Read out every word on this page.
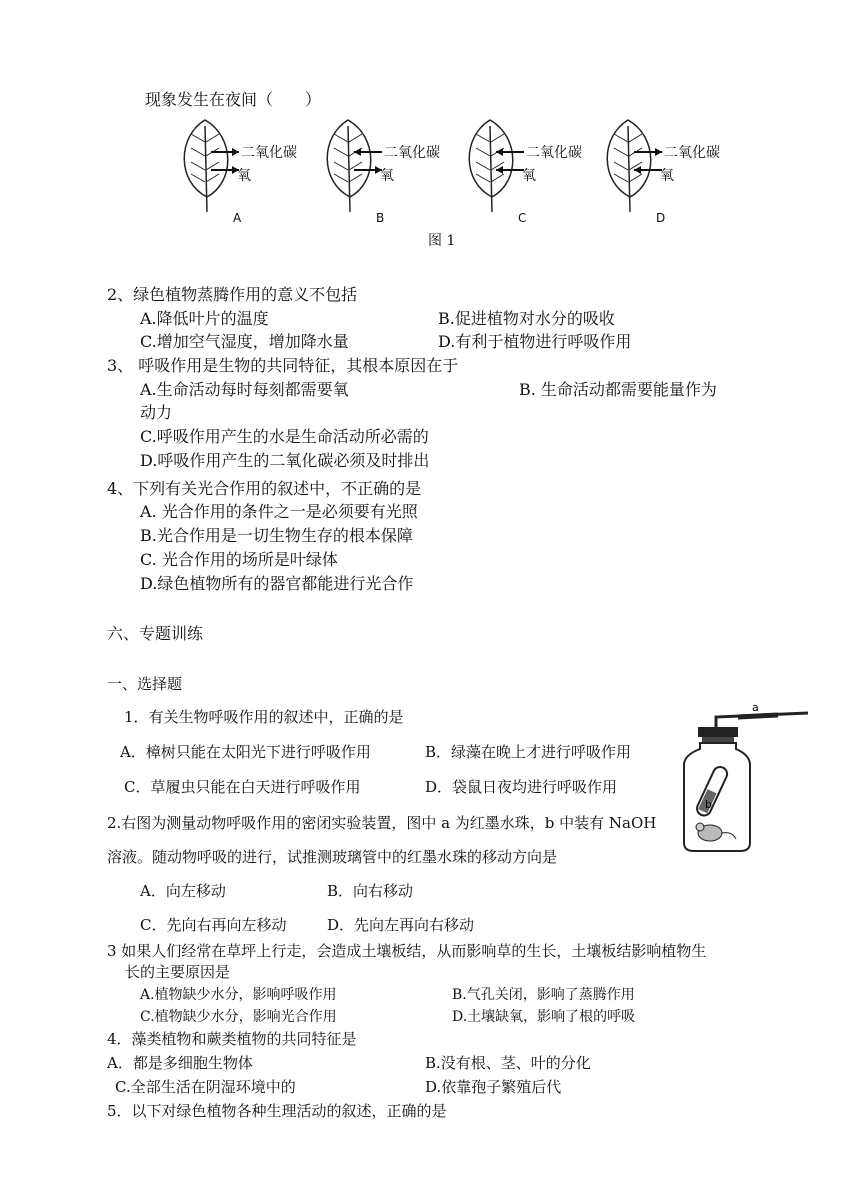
现象发生在夜间（　　）
二氧化碳
氧
A
二氧化碳
氧
B
二氧化碳
氧
C
二氧化碳
氧
D
图 1
2、绿色植物蒸腾作用的意义不包括
A.降低叶片的温度	B.促进植物对水分的吸收
C.增加空气湿度，增加降水量	D.有利于植物进行呼吸作用
3、 呼吸作用是生物的共同特征，其根本原因在于
A.生命活动每时每刻都需要氧	B. 生命活动都需要能量作为
动力
C.呼吸作用产生的水是生命活动所必需的
D.呼吸作用产生的二氧化碳必须及时排出
4、下列有关光合作用的叙述中，不正确的是
A. 光合作用的条件之一是必须要有光照
B.光合作用是一切生物生存的根本保障
C. 光合作用的场所是叶绿体
D.绿色植物所有的器官都能进行光合作
六、专题训练
一、选择题
1．有关生物呼吸作用的叙述中，正确的是
A．樟树只能在太阳光下进行呼吸作用	B．绿藻在晚上才进行呼吸作用
C．草履虫只能在白天进行呼吸作用	D．袋鼠日夜均进行呼吸作用
a
b
2.右图为测量动物呼吸作用的密闭实验装置，图中 a 为红墨水珠，b 中装有 NaOH
溶液。随动物呼吸的进行，试推测玻璃管中的红墨水珠的移动方向是
A．向左移动	B．向右移动
C．先向右再向左移动	D．先向左再向右移动
3 如果人们经常在草坪上行走，会造成土壤板结，从而影响草的生长，土壤板结影响植物生
长的主要原因是
A.植物缺少水分，影响呼吸作用	B.气孔关闭，影响了蒸腾作用
C.植物缺少水分，影响光合作用	D.土壤缺氧，影响了根的呼吸
4．藻类植物和蕨类植物的共同特征是
A．都是多细胞生物体	B.没有根、茎、叶的分化
C.全部生活在阴湿环境中的	D.依靠孢子繁殖后代
5．以下对绿色植物各种生理活动的叙述，正确的是
